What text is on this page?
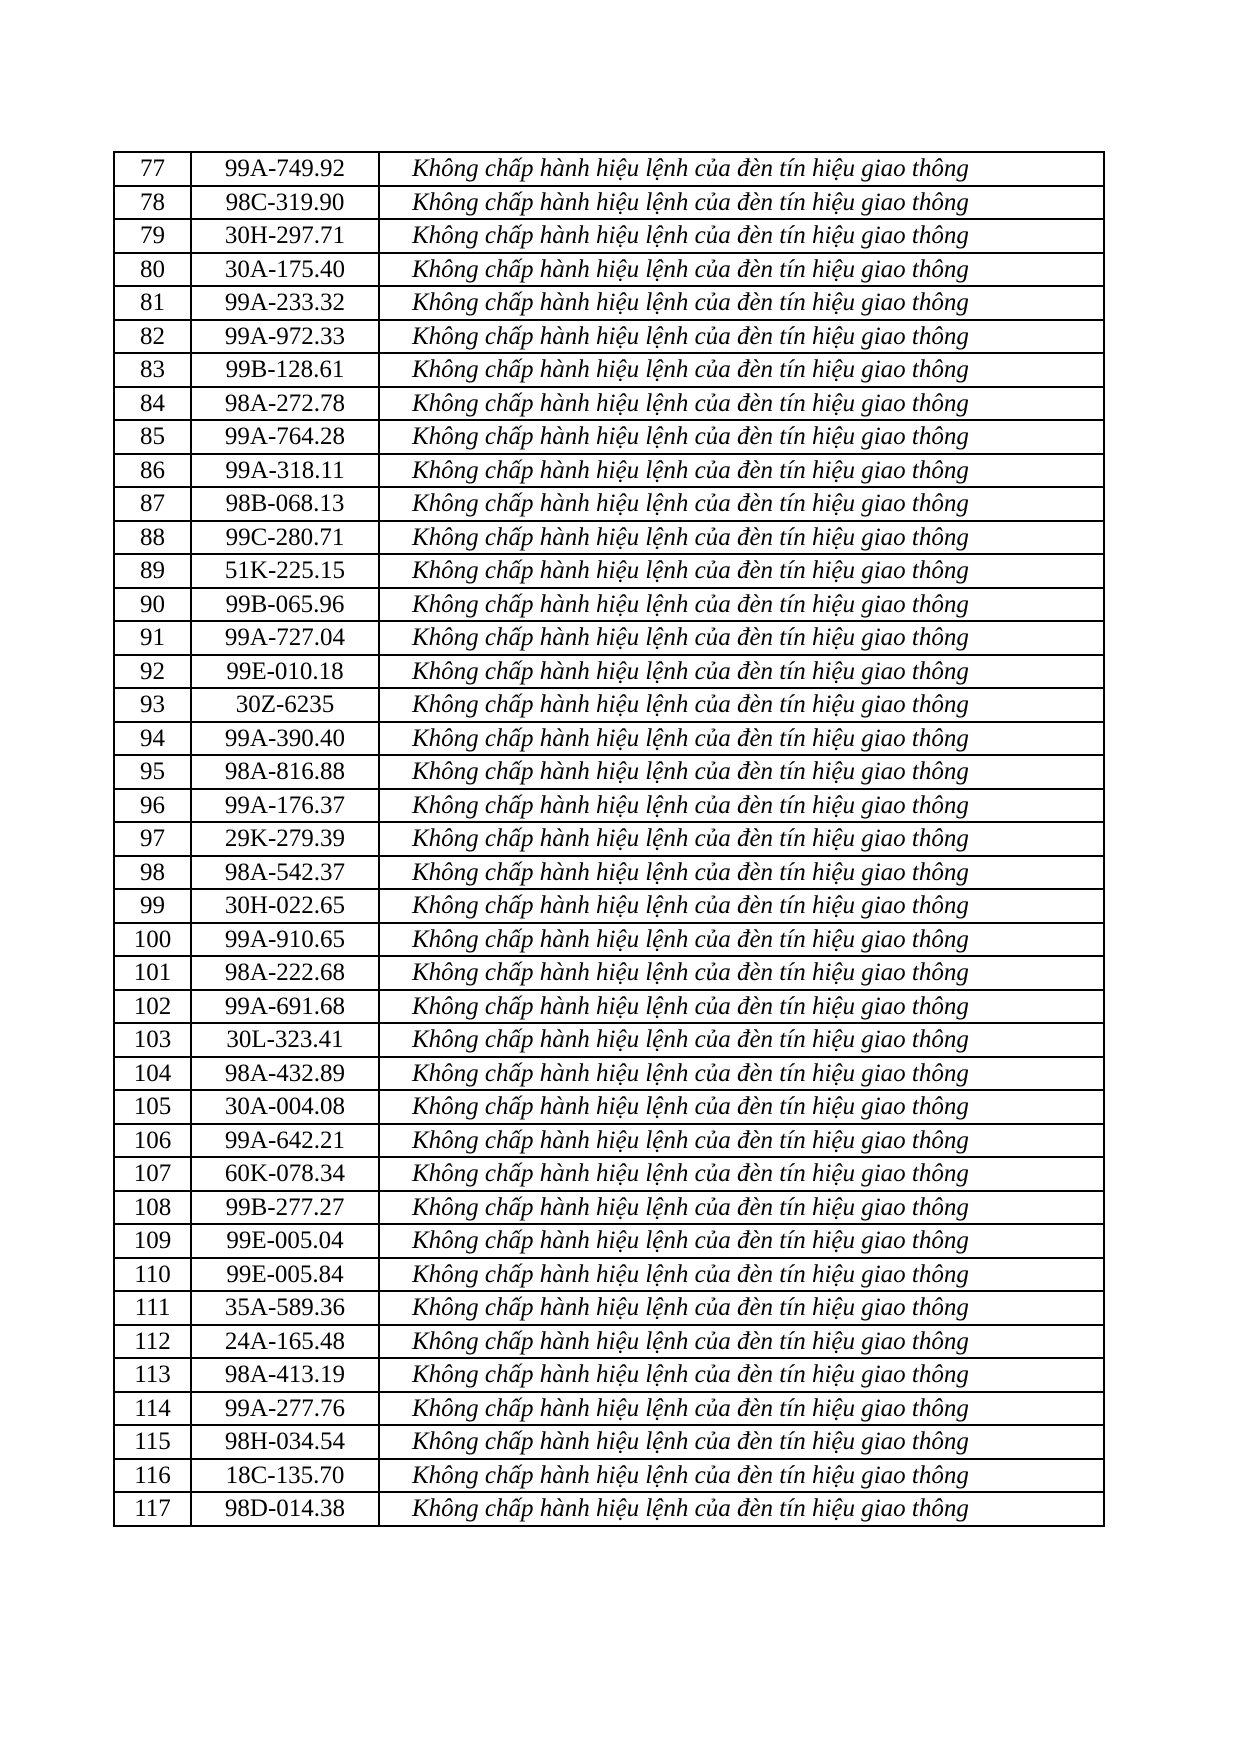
77	99A-749.92	Không chấp hành hiệu lệnh của đèn tín hiệu giao thông
78	98C-319.90	Không chấp hành hiệu lệnh của đèn tín hiệu giao thông
79	30H-297.71	Không chấp hành hiệu lệnh của đèn tín hiệu giao thông
80	30A-175.40	Không chấp hành hiệu lệnh của đèn tín hiệu giao thông
81	99A-233.32	Không chấp hành hiệu lệnh của đèn tín hiệu giao thông
82	99A-972.33	Không chấp hành hiệu lệnh của đèn tín hiệu giao thông
83	99B-128.61	Không chấp hành hiệu lệnh của đèn tín hiệu giao thông
84	98A-272.78	Không chấp hành hiệu lệnh của đèn tín hiệu giao thông
85	99A-764.28	Không chấp hành hiệu lệnh của đèn tín hiệu giao thông
86	99A-318.11	Không chấp hành hiệu lệnh của đèn tín hiệu giao thông
87	98B-068.13	Không chấp hành hiệu lệnh của đèn tín hiệu giao thông
88	99C-280.71	Không chấp hành hiệu lệnh của đèn tín hiệu giao thông
89	51K-225.15	Không chấp hành hiệu lệnh của đèn tín hiệu giao thông
90	99B-065.96	Không chấp hành hiệu lệnh của đèn tín hiệu giao thông
91	99A-727.04	Không chấp hành hiệu lệnh của đèn tín hiệu giao thông
92	99E-010.18	Không chấp hành hiệu lệnh của đèn tín hiệu giao thông
93	30Z-6235	Không chấp hành hiệu lệnh của đèn tín hiệu giao thông
94	99A-390.40	Không chấp hành hiệu lệnh của đèn tín hiệu giao thông
95	98A-816.88	Không chấp hành hiệu lệnh của đèn tín hiệu giao thông
96	99A-176.37	Không chấp hành hiệu lệnh của đèn tín hiệu giao thông
97	29K-279.39	Không chấp hành hiệu lệnh của đèn tín hiệu giao thông
98	98A-542.37	Không chấp hành hiệu lệnh của đèn tín hiệu giao thông
99	30H-022.65	Không chấp hành hiệu lệnh của đèn tín hiệu giao thông
100	99A-910.65	Không chấp hành hiệu lệnh của đèn tín hiệu giao thông
101	98A-222.68	Không chấp hành hiệu lệnh của đèn tín hiệu giao thông
102	99A-691.68	Không chấp hành hiệu lệnh của đèn tín hiệu giao thông
103	30L-323.41	Không chấp hành hiệu lệnh của đèn tín hiệu giao thông
104	98A-432.89	Không chấp hành hiệu lệnh của đèn tín hiệu giao thông
105	30A-004.08	Không chấp hành hiệu lệnh của đèn tín hiệu giao thông
106	99A-642.21	Không chấp hành hiệu lệnh của đèn tín hiệu giao thông
107	60K-078.34	Không chấp hành hiệu lệnh của đèn tín hiệu giao thông
108	99B-277.27	Không chấp hành hiệu lệnh của đèn tín hiệu giao thông
109	99E-005.04	Không chấp hành hiệu lệnh của đèn tín hiệu giao thông
110	99E-005.84	Không chấp hành hiệu lệnh của đèn tín hiệu giao thông
111	35A-589.36	Không chấp hành hiệu lệnh của đèn tín hiệu giao thông
112	24A-165.48	Không chấp hành hiệu lệnh của đèn tín hiệu giao thông
113	98A-413.19	Không chấp hành hiệu lệnh của đèn tín hiệu giao thông
114	99A-277.76	Không chấp hành hiệu lệnh của đèn tín hiệu giao thông
115	98H-034.54	Không chấp hành hiệu lệnh của đèn tín hiệu giao thông
116	18C-135.70	Không chấp hành hiệu lệnh của đèn tín hiệu giao thông
117	98D-014.38	Không chấp hành hiệu lệnh của đèn tín hiệu giao thông
